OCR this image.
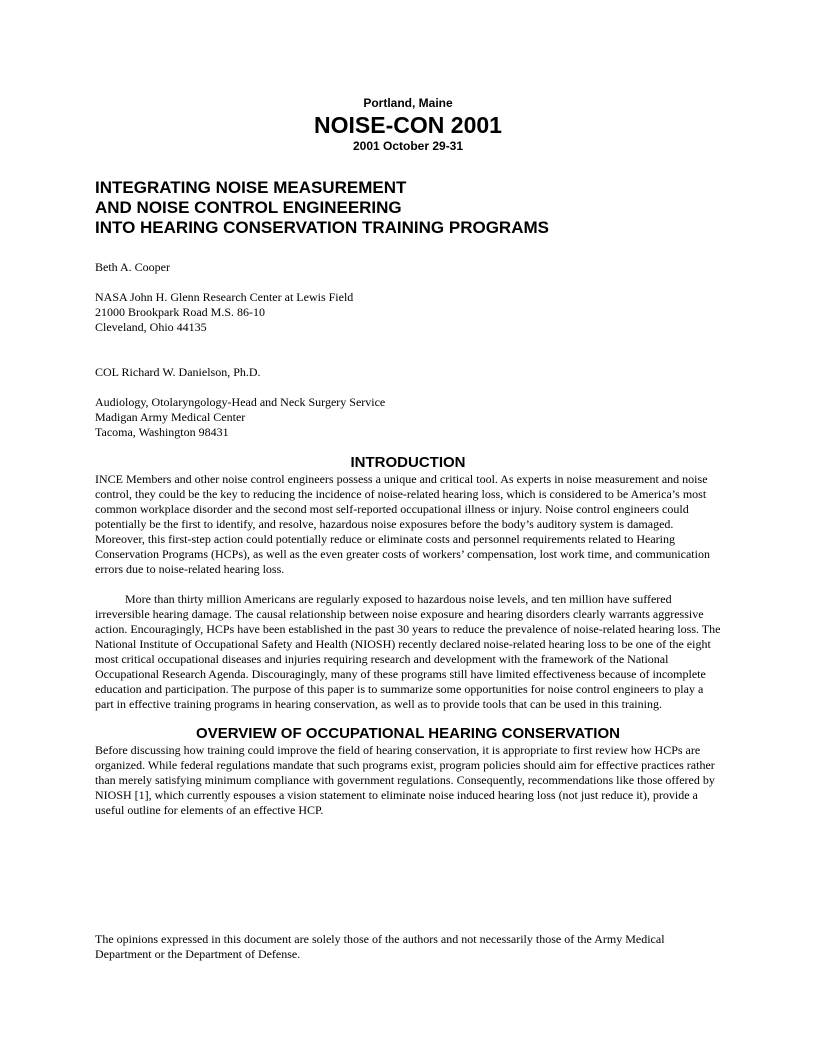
Portland, Maine
NOISE-CON 2001
2001 October 29-31
INTEGRATING NOISE MEASUREMENT
AND NOISE CONTROL ENGINEERING
INTO HEARING CONSERVATION TRAINING PROGRAMS
Beth A. Cooper
NASA John H. Glenn Research Center at Lewis Field
21000 Brookpark Road M.S. 86-10
Cleveland, Ohio 44135
COL Richard W. Danielson, Ph.D.
Audiology, Otolaryngology-Head and Neck Surgery Service
Madigan Army Medical Center
Tacoma, Washington 98431
INTRODUCTION
INCE Members and other noise control engineers possess a unique and critical tool. As experts in noise measurement and noise control, they could be the key to reducing the incidence of noise-related hearing loss, which is considered to be America’s most common workplace disorder and the second most self-reported occupational illness or injury. Noise control engineers could potentially be the first to identify, and resolve, hazardous noise exposures before the body’s auditory system is damaged. Moreover, this first-step action could potentially reduce or eliminate costs and personnel requirements related to Hearing Conservation Programs (HCPs), as well as the even greater costs of workers’ compensation, lost work time, and communication errors due to noise-related hearing loss.
More than thirty million Americans are regularly exposed to hazardous noise levels, and ten million have suffered irreversible hearing damage. The causal relationship between noise exposure and hearing disorders clearly warrants aggressive action. Encouragingly, HCPs have been established in the past 30 years to reduce the prevalence of noise-related hearing loss. The National Institute of Occupational Safety and Health (NIOSH) recently declared noise-related hearing loss to be one of the eight most critical occupational diseases and injuries requiring research and development with the framework of the National Occupational Research Agenda. Discouragingly, many of these programs still have limited effectiveness because of incomplete education and participation. The purpose of this paper is to summarize some opportunities for noise control engineers to play a part in effective training programs in hearing conservation, as well as to provide tools that can be used in this training.
OVERVIEW OF OCCUPATIONAL HEARING CONSERVATION
Before discussing how training could improve the field of hearing conservation, it is appropriate to first review how HCPs are organized. While federal regulations mandate that such programs exist, program policies should aim for effective practices rather than merely satisfying minimum compliance with government regulations. Consequently, recommendations like those offered by NIOSH [1], which currently espouses a vision statement to eliminate noise induced hearing loss (not just reduce it), provide a useful outline for elements of an effective HCP.
The opinions expressed in this document are solely those of the authors and not necessarily those of the Army Medical Department or the Department of Defense.
